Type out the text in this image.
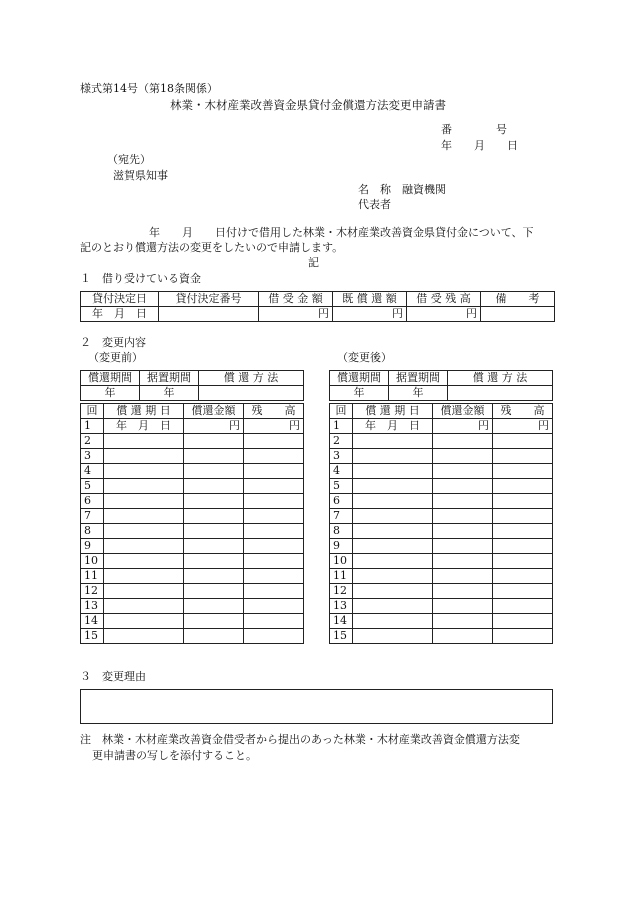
様式第14号（第18条関係）
林業・木材産業改善資金県貸付金償還方法変更申請書
番　　　　号
年　　月　　日
（宛先）
滋賀県知事
名　称　融資機関
代表者
年　　月　　日付けで借用した林業・木材産業改善資金県貸付金について、下
記のとおり償還方法の変更をしたいので申請します。
記
１　借り受けている資金
貸付決定日	貸付決定番号	借 受 金 額	既 償 還 額	借 受 残 高	備　　考
年　月　日		円	円	円	
２　変更内容
（変更前）	（変更後）
償還期間	据置期間	償 還 方 法
年	年	
回	償 還 期 日	償還金額	残　　高
1	年　月　日	円	円
2			
3			
4			
5			
6			
7			
8			
9			
10			
11			
12			
13			
14			
15			
償還期間	据置期間	償 還 方 法
年	年	
回	償 還 期 日	償還金額	残　　高
1	年　月　日	円	円
2			
3			
4			
5			
6			
7			
8			
9			
10			
11			
12			
13			
14			
15			
３　変更理由
注　林業・木材産業改善資金借受者から提出のあった林業・木材産業改善資金償還方法変
更申請書の写しを添付すること。
